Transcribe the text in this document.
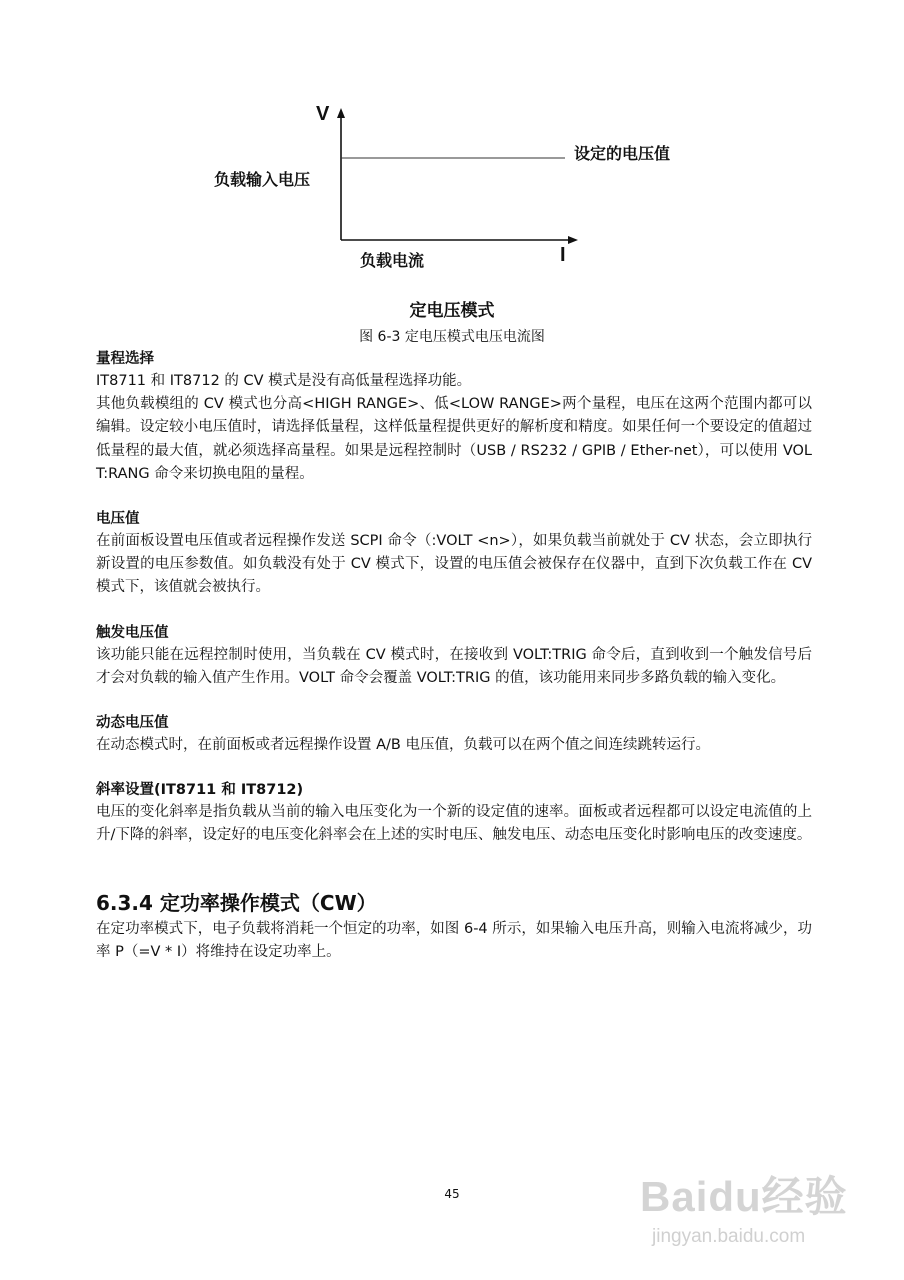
V
I
设定的电压值
负载输入电压
负载电流
定电压模式
图 6-3 定电压模式电压电流图
量程选择

IT8711 和 IT8712 的 CV 模式是没有高低量程选择功能。

其他负载模组的 CV 模式也分高<HIGH RANGE>、低<LOW RANGE>两个量程，电压在这两个范围内都可以编辑。设定较小电压值时，请选择低量程，这样低量程提供更好的解析度和精度。如果任何一个要设定的值超过低量程的最大值，就必须选择高量程。如果是远程控制时（USB / RS232 / GPIB / Ether-net），可以使用 VOLT:RANG 命令来切换电阻的量程。

电压值

在前面板设置电压值或者远程操作发送 SCPI 命令（:VOLT <n>），如果负载当前就处于 CV 状态，会立即执行新设置的电压参数值。如负载没有处于 CV 模式下，设置的电压值会被保存在仪器中，直到下次负载工作在 CV 模式下，该值就会被执行。

触发电压值

该功能只能在远程控制时使用，当负载在 CV 模式时，在接收到 VOLT:TRIG 命令后，直到收到一个触发信号后才会对负载的输入值产生作用。VOLT 命令会覆盖 VOLT:TRIG 的值，该功能用来同步多路负载的输入变化。

动态电压值

在动态模式时，在前面板或者远程操作设置 A/B 电压值，负载可以在两个值之间连续跳转运行。

斜率设置(IT8711 和 IT8712)

电压的变化斜率是指负载从当前的输入电压变化为一个新的设定值的速率。面板或者远程都可以设定电流值的上升/下降的斜率，设定好的电压变化斜率会在上述的实时电压、触发电压、动态电压变化时影响电压的改变速度。

6.3.4 定功率操作模式（CW）

在定功率模式下，电子负载将消耗一个恒定的功率，如图 6-4 所示，如果输入电压升高，则输入电流将减少，功率 P（=V * I）将维持在设定功率上。

45	Baidu经验
jingyan.baidu.com
